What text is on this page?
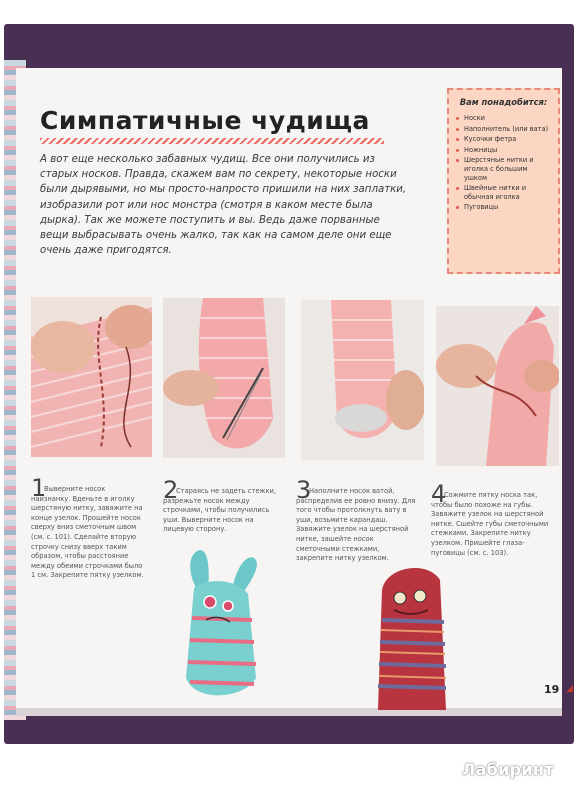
Симпатичные чудища

А вот еще несколько забавных чудищ. Все они получились из старых носков. Правда, скажем вам по секрету, некоторые носки были дырявыми, но мы просто-напросто пришили на них заплатки, изобразили рот или нос монстра (смотря в каком месте была дырка). Так же можете поступить и вы. Ведь даже порванные вещи выбрасывать очень жалко, так как на самом деле они еще очень даже пригодятся.

Вам понадобится:
Носки
Наполнитель (или вата)
Кусочки фетра
Ножницы
Шерстяные нитки и иголка с большим ушком
Швейные нитки и обычная иголка
Пуговицы
1
Выверните носок наизнанку. Вденьте в иголку шерстяную нитку, завяжите на конце узелок. Прошейте носок сверху вниз сметочным швом (см. с. 101). Сделайте вторую строчку снизу вверх таким образом, чтобы расстояние между обеими строчками было 1 см. Закрепите пятку узелком.
2
Стараясь не задеть стежки, разрежьте носок между строчками, чтобы получились уши. Выверните носок на лицевую сторону.
3
Наполните носок ватой, распределив ее ровно внизу. Для того чтобы протолкнуть вату в уши, возьмите карандаш. Завяжите узелок на шерстяной нитке, зашейте носок сметочными стежками, закрепите нитку узелком.
4
Сожмите пятку носка так, чтобы было похоже на губы. Завяжите узелок на шерстяной нитке. Сшейте губы сметочными стежками. Закрепите нитку узелком. Пришейте глаза-пуговицы (см. с. 103).
19 ◢
Лабиринт
